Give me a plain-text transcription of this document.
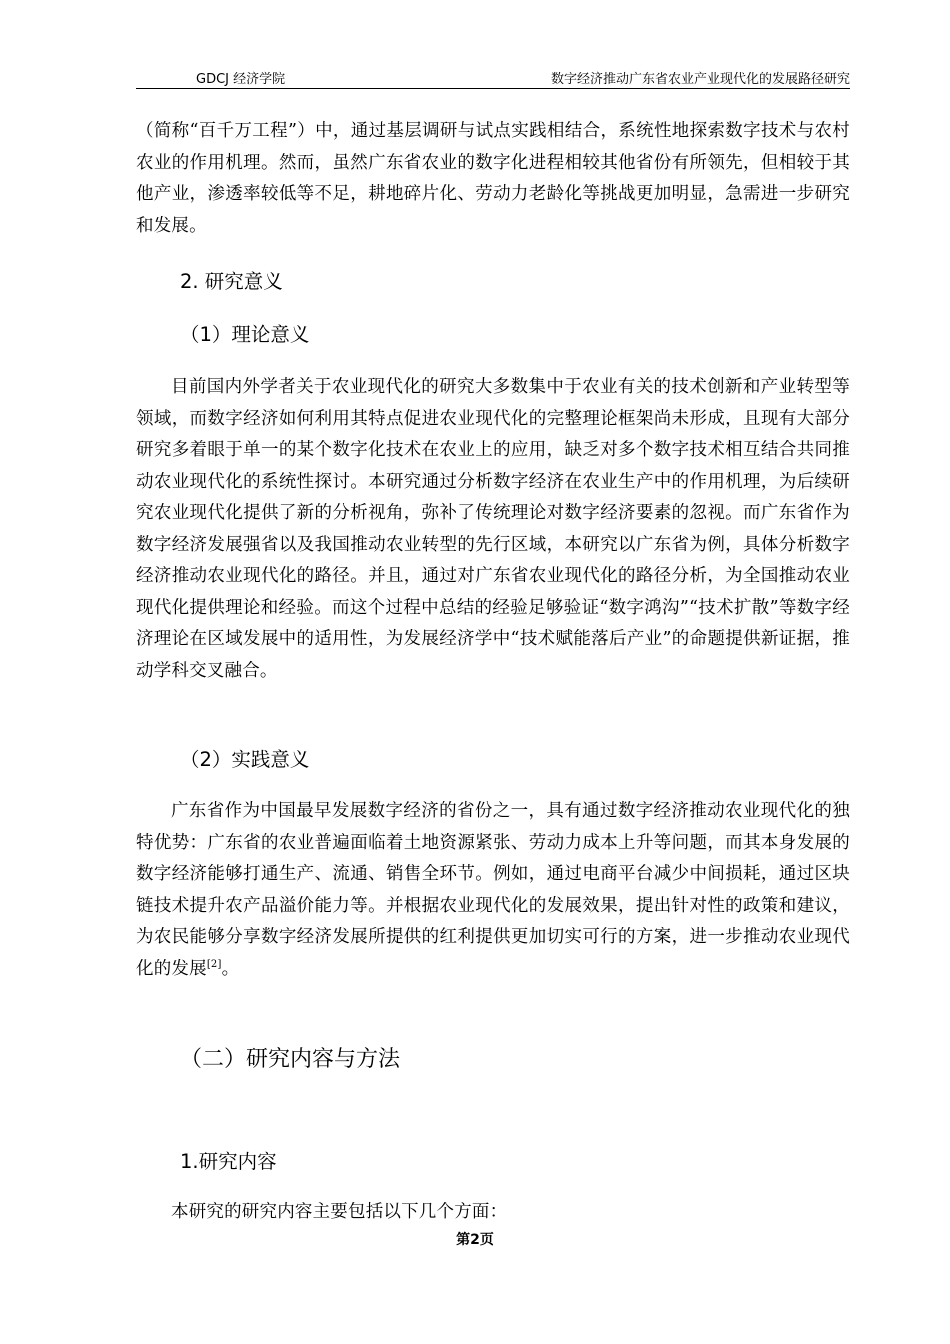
GDCJ 经济学院	数字经济推动广东省农业产业现代化的发展路径研究
（简称“百千万工程”）中，通过基层调研与试点实践相结合，系统性地探索数字技术与农村农业的作用机理。然而，虽然广东省农业的数字化进程相较其他省份有所领先，但相较于其他产业，渗透率较低等不足，耕地碎片化、劳动力老龄化等挑战更加明显，急需进一步研究和发展。
2. 研究意义
（1）理论意义
目前国内外学者关于农业现代化的研究大多数集中于农业有关的技术创新和产业转型等领域，而数字经济如何利用其特点促进农业现代化的完整理论框架尚未形成，且现有大部分研究多着眼于单一的某个数字化技术在农业上的应用，缺乏对多个数字技术相互结合共同推动农业现代化的系统性探讨。本研究通过分析数字经济在农业生产中的作用机理，为后续研究农业现代化提供了新的分析视角，弥补了传统理论对数字经济要素的忽视。而广东省作为数字经济发展强省以及我国推动农业转型的先行区域，本研究以广东省为例，具体分析数字经济推动农业现代化的路径。并且，通过对广东省农业现代化的路径分析，为全国推动农业现代化提供理论和经验。而这个过程中总结的经验足够验证“数字鸿沟”“技术扩散”等数字经济理论在区域发展中的适用性，为发展经济学中“技术赋能落后产业”的命题提供新证据，推动学科交叉融合。
（2）实践意义
广东省作为中国最早发展数字经济的省份之一，具有通过数字经济推动农业现代化的独特优势：广东省的农业普遍面临着土地资源紧张、劳动力成本上升等问题，而其本身发展的数字经济能够打通生产、流通、销售全环节。例如，通过电商平台减少中间损耗，通过区块链技术提升农产品溢价能力等。并根据农业现代化的发展效果，提出针对性的政策和建议，为农民能够分享数字经济发展所提供的红利提供更加切实可行的方案，进一步推动农业现代化的发展[2]。
（二）研究内容与方法
1.研究内容
本研究的研究内容主要包括以下几个方面：
第2页
